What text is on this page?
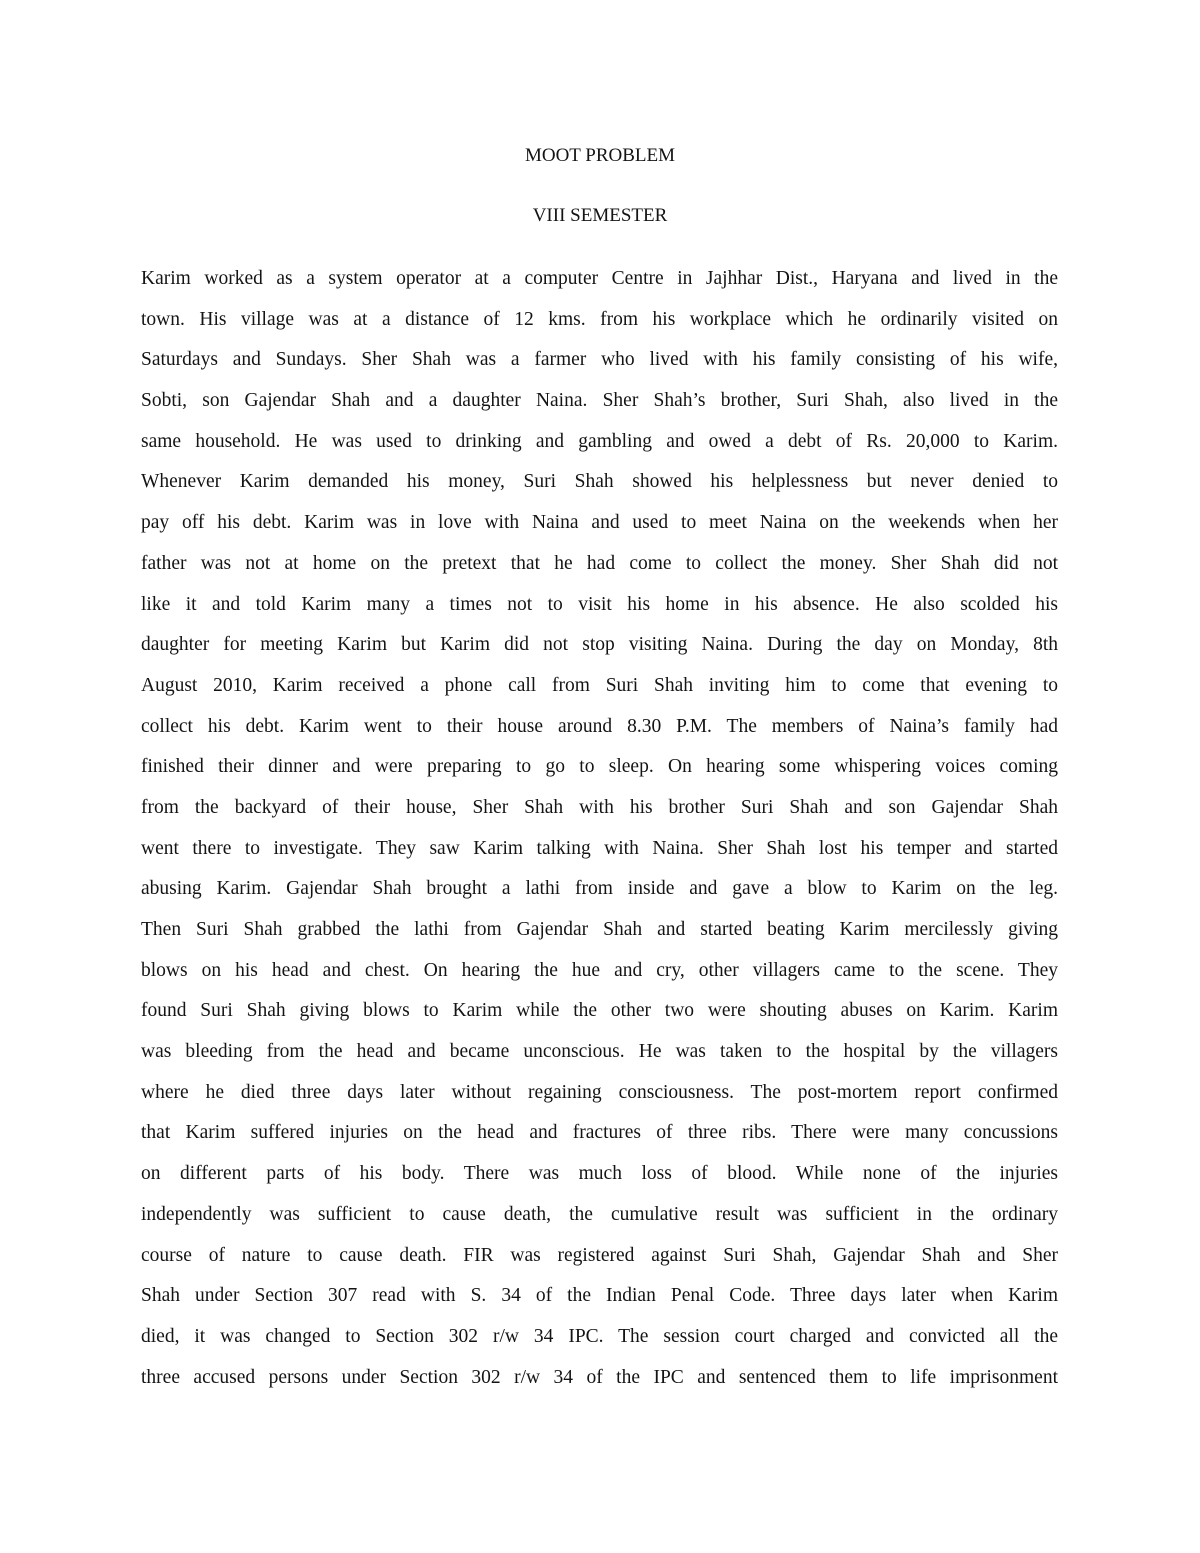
MOOT PROBLEM
VIII SEMESTER
Karim worked as a system operator at a computer Centre in Jajhhar Dist., Haryana and lived in the
town. His village was at a distance of 12 kms. from his workplace which he ordinarily visited on
Saturdays and Sundays. Sher Shah was a farmer who lived with his family consisting of his wife,
Sobti, son Gajendar Shah and a daughter Naina. Sher Shah’s brother, Suri Shah, also lived in the
same household. He was used to drinking and gambling and owed a debt of Rs. 20,000 to Karim.
Whenever Karim demanded his money, Suri Shah showed his helplessness but never denied to
pay off his debt. Karim was in love with Naina and used to meet Naina on the weekends when her
father was not at home on the pretext that he had come to collect the money. Sher Shah did not
like it and told Karim many a times not to visit his home in his absence. He also scolded his
daughter for meeting Karim but Karim did not stop visiting Naina. During the day on Monday, 8th
August 2010, Karim received a phone call from Suri Shah inviting him to come that evening to
collect his debt. Karim went to their house around 8.30 P.M. The members of Naina’s family had
finished their dinner and were preparing to go to sleep. On hearing some whispering voices coming
from the backyard of their house, Sher Shah with his brother Suri Shah and son Gajendar Shah
went there to investigate. They saw Karim talking with Naina. Sher Shah lost his temper and started
abusing Karim. Gajendar Shah brought a lathi from inside and gave a blow to Karim on the leg.
Then Suri Shah grabbed the lathi from Gajendar Shah and started beating Karim mercilessly giving
blows on his head and chest. On hearing the hue and cry, other villagers came to the scene. They
found Suri Shah giving blows to Karim while the other two were shouting abuses on Karim. Karim
was bleeding from the head and became unconscious. He was taken to the hospital by the villagers
where he died three days later without regaining consciousness. The post-mortem report confirmed
that Karim suffered injuries on the head and fractures of three ribs. There were many concussions
on different parts of his body. There was much loss of blood. While none of the injuries
independently was sufficient to cause death, the cumulative result was sufficient in the ordinary
course of nature to cause death. FIR was registered against Suri Shah, Gajendar Shah and Sher
Shah under Section 307 read with S. 34 of the Indian Penal Code. Three days later when Karim
died, it was changed to Section 302 r/w 34 IPC. The session court charged and convicted all the
three accused persons under Section 302 r/w 34 of the IPC and sentenced them to life imprisonment
